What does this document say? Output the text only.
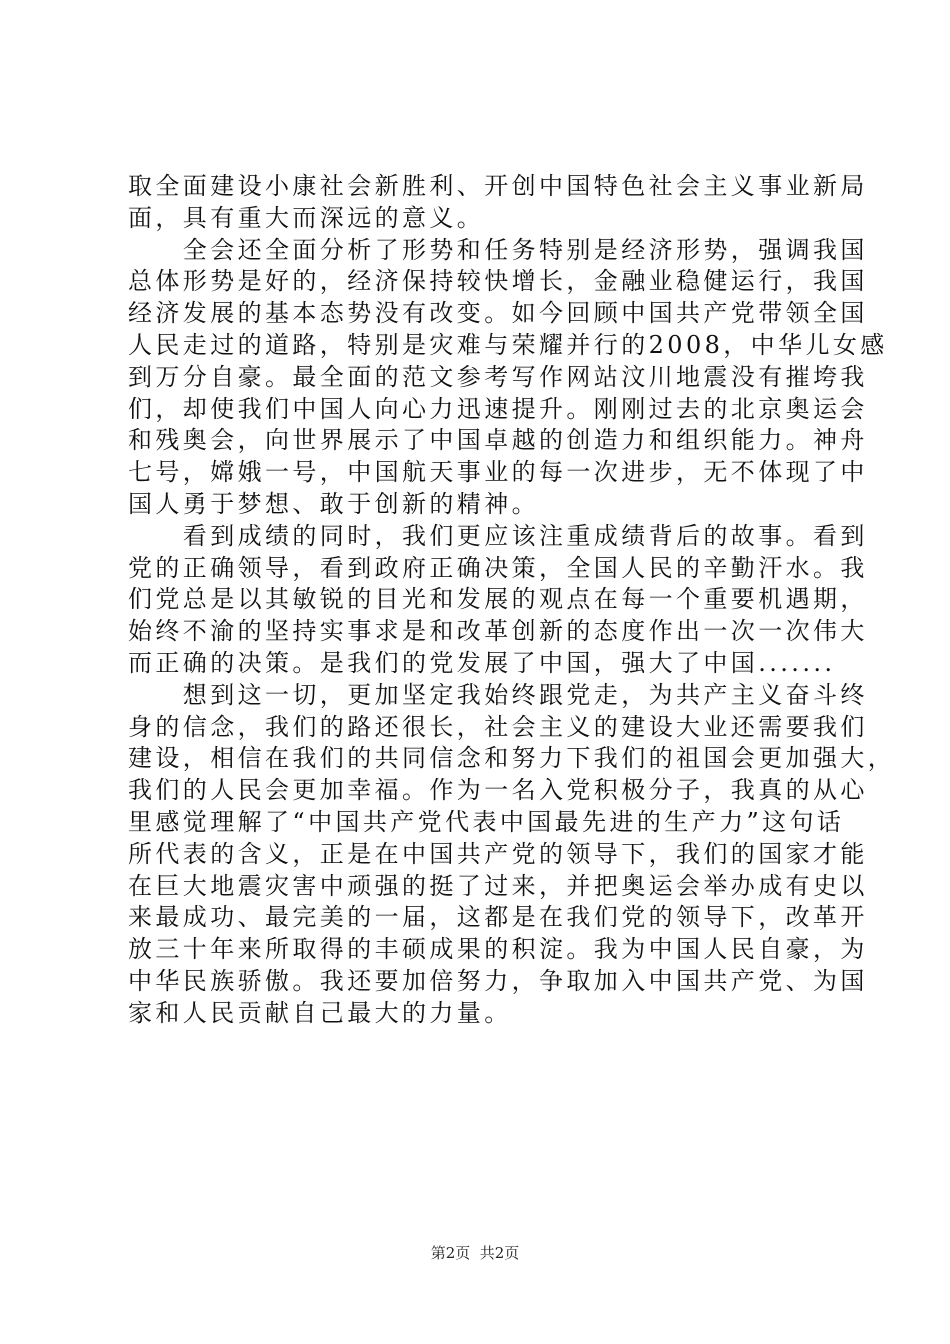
取全面建设小康社会新胜利、开创中国特色社会主义事业新局
面，具有重大而深远的意义。
　　全会还全面分析了形势和任务特别是经济形势，强调我国
总体形势是好的，经济保持较快增长，金融业稳健运行，我国
经济发展的基本态势没有改变。如今回顾中国共产党带领全国
人民走过的道路，特别是灾难与荣耀并行的2008，中华儿女感
到万分自豪。最全面的范文参考写作网站汶川地震没有摧垮我
们，却使我们中国人向心力迅速提升。刚刚过去的北京奥运会
和残奥会，向世界展示了中国卓越的创造力和组织能力。神舟
七号，嫦娥一号，中国航天事业的每一次进步，无不体现了中
国人勇于梦想、敢于创新的精神。
　　看到成绩的同时，我们更应该注重成绩背后的故事。看到
党的正确领导，看到政府正确决策，全国人民的辛勤汗水。我
们党总是以其敏锐的目光和发展的观点在每一个重要机遇期，
始终不渝的坚持实事求是和改革创新的态度作出一次一次伟大
而正确的决策。是我们的党发展了中国，强大了中国.......
　　想到这一切，更加坚定我始终跟党走，为共产主义奋斗终
身的信念，我们的路还很长，社会主义的建设大业还需要我们
建设，相信在我们的共同信念和努力下我们的祖国会更加强大，
我们的人民会更加幸福。作为一名入党积极分子，我真的从心
里感觉理解了“中国共产党代表中国最先进的生产力”这句话
所代表的含义，正是在中国共产党的领导下，我们的国家才能
在巨大地震灾害中顽强的挺了过来，并把奥运会举办成有史以
来最成功、最完美的一届，这都是在我们党的领导下，改革开
放三十年来所取得的丰硕成果的积淀。我为中国人民自豪，为
中华民族骄傲。我还要加倍努力，争取加入中国共产党、为国
家和人民贡献自己最大的力量。
第2页  共2页
